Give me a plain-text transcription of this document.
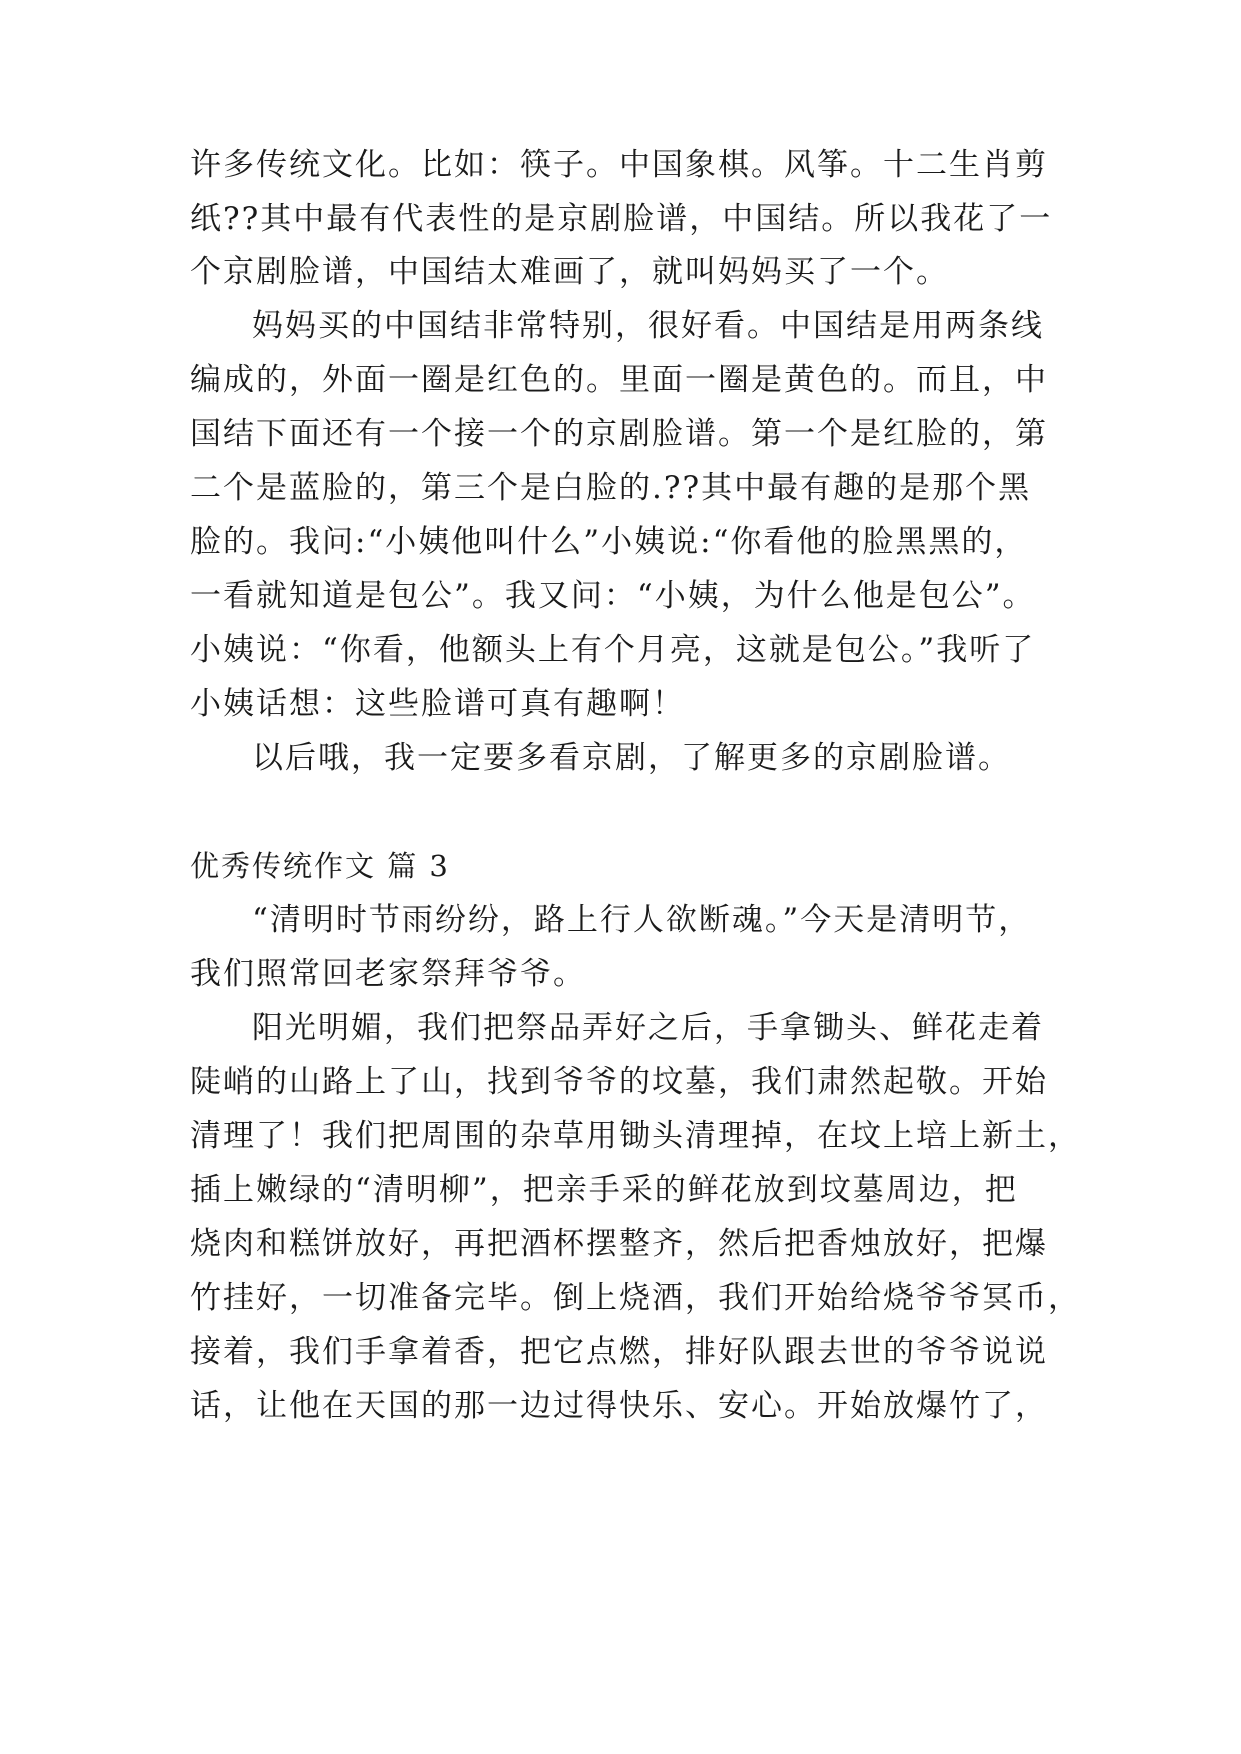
许多传统文化。比如：筷子。中国象棋。风筝。十二生肖剪
纸??其中最有代表性的是京剧脸谱，中国结。所以我花了一
个京剧脸谱，中国结太难画了，就叫妈妈买了一个。
妈妈买的中国结非常特别，很好看。中国结是用两条线
编成的，外面一圈是红色的。里面一圈是黄色的。而且，中
国结下面还有一个接一个的京剧脸谱。第一个是红脸的，第
二个是蓝脸的，第三个是白脸的.??其中最有趣的是那个黑
脸的。我问:“小姨他叫什么”小姨说:“你看他的脸黑黑的，
一看就知道是包公”。我又问：“小姨，为什么他是包公”。
小姨说：“你看，他额头上有个月亮，这就是包公。”我听了
小姨话想：这些脸谱可真有趣啊！
以后哦，我一定要多看京剧，了解更多的京剧脸谱。
优秀传统作文 篇 3
“清明时节雨纷纷，路上行人欲断魂。”今天是清明节，
我们照常回老家祭拜爷爷。
阳光明媚，我们把祭品弄好之后，手拿锄头、鲜花走着
陡峭的山路上了山，找到爷爷的坟墓，我们肃然起敬。开始
清理了！我们把周围的杂草用锄头清理掉，在坟上培上新土，
插上嫩绿的“清明柳”，把亲手采的鲜花放到坟墓周边，把
烧肉和糕饼放好，再把酒杯摆整齐，然后把香烛放好，把爆
竹挂好，一切准备完毕。倒上烧酒，我们开始给烧爷爷冥币，
接着，我们手拿着香，把它点燃，排好队跟去世的爷爷说说
话，让他在天国的那一边过得快乐、安心。开始放爆竹了，
